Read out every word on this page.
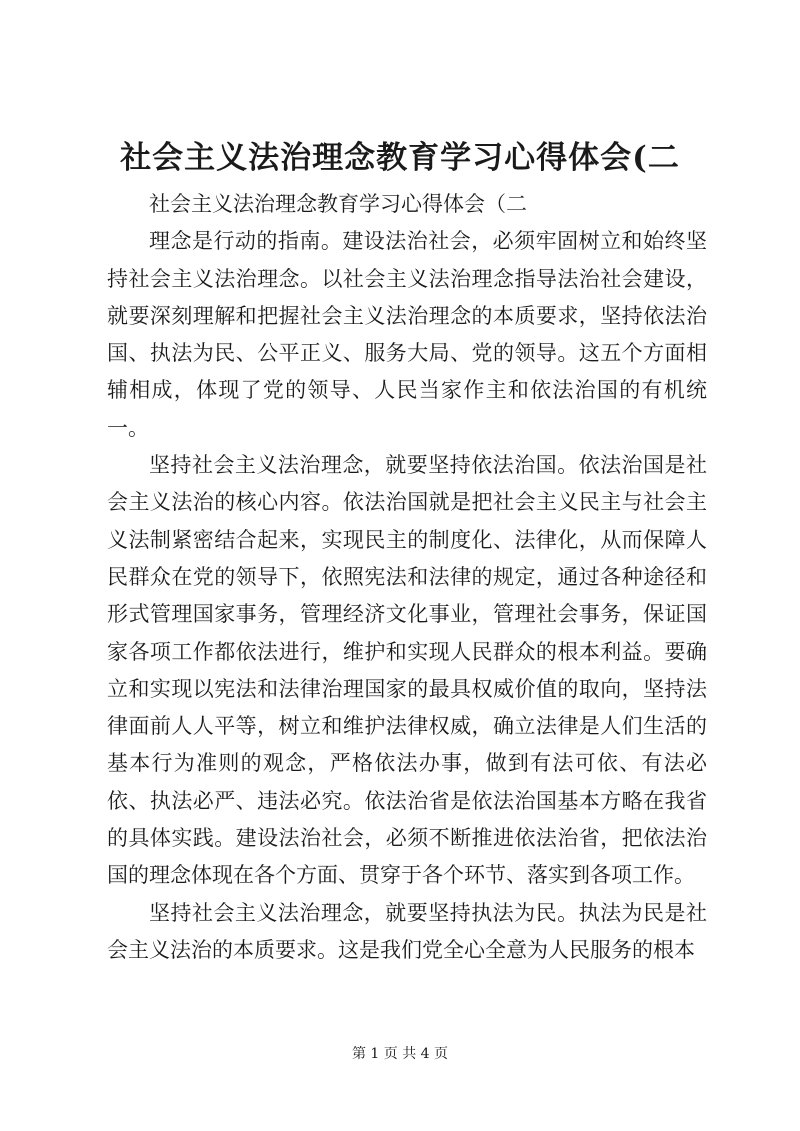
社会主义法治理念教育学习心得体会(二

社会主义法治理念教育学习心得体会（二

理念是行动的指南。建设法治社会，必须牢固树立和始终坚持社会主义法治理念。以社会主义法治理念指导法治社会建设，就要深刻理解和把握社会主义法治理念的本质要求，坚持依法治国、执法为民、公平正义、服务大局、党的领导。这五个方面相辅相成，体现了党的领导、人民当家作主和依法治国的有机统一。

坚持社会主义法治理念，就要坚持依法治国。依法治国是社会主义法治的核心内容。依法治国就是把社会主义民主与社会主义法制紧密结合起来，实现民主的制度化、法律化，从而保障人民群众在党的领导下，依照宪法和法律的规定，通过各种途径和形式管理国家事务，管理经济文化事业，管理社会事务，保证国家各项工作都依法进行，维护和实现人民群众的根本利益。要确立和实现以宪法和法律治理国家的最具权威价值的取向，坚持法律面前人人平等，树立和维护法律权威，确立法律是人们生活的基本行为准则的观念，严格依法办事，做到有法可依、有法必依、执法必严、违法必究。依法治省是依法治国基本方略在我省的具体实践。建设法治社会，必须不断推进依法治省，把依法治国的理念体现在各个方面、贯穿于各个环节、落实到各项工作。

坚持社会主义法治理念，就要坚持执法为民。执法为民是社会主义法治的本质要求。这是我们党全心全意为人民服务的根本

第 1 页 共 4 页
